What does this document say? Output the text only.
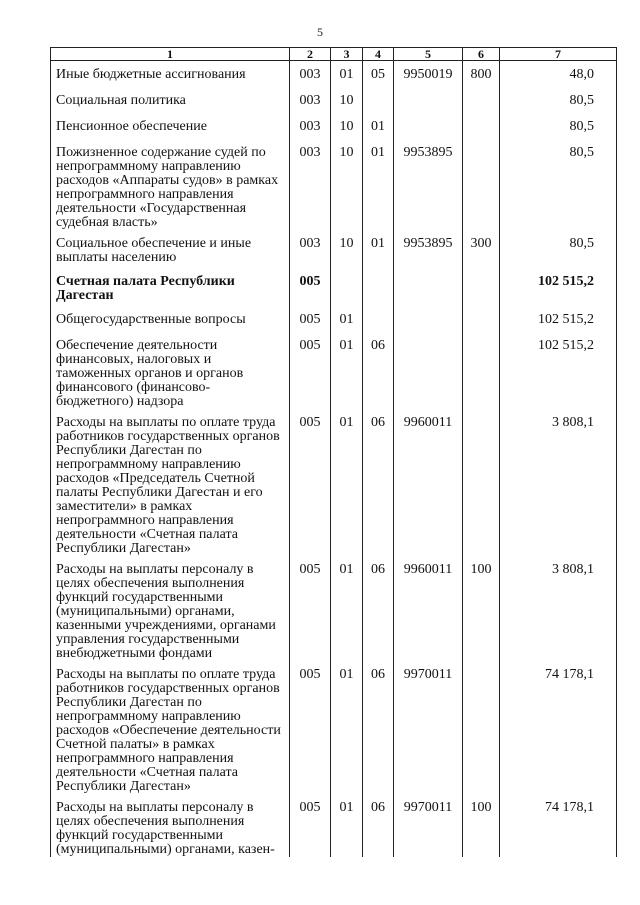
5
1	2	3	4	5	6	7
Иные бюджетные ассигнования	003	01	05	9950019	800	48,0
Социальная политика	003	10				80,5
Пенсионное обеспечение	003	10	01			80,5
Пожизненное содержание судей по непрограммному направлению расходов «Аппараты судов» в рамках непрограммного направления деятельности «Государственная судебная власть»	003	10	01	9953895		80,5
Социальное обеспечение и иные выплаты населению	003	10	01	9953895	300	80,5
Счетная палата Республики Дагестан	005					102 515,2
Общегосударственные вопросы	005	01				102 515,2
Обеспечение деятельности финансовых, налоговых и таможенных органов и органов финансового (финансово-бюджетного) надзора	005	01	06			102 515,2
Расходы на выплаты по оплате труда работников государственных органов Республики Дагестан по непрограммному направлению расходов «Председатель Счетной палаты Республики Дагестан и его заместители» в рамках непрограммного направления деятельности «Счетная палата Республики Дагестан»	005	01	06	9960011		3 808,1
Расходы на выплаты персоналу в целях обеспечения выполнения функций государственными (муниципальными) органами, казенными учреждениями, органами управления государственными внебюджетными фондами	005	01	06	9960011	100	3 808,1
Расходы на выплаты по оплате труда работников государственных органов Республики Дагестан по непрограммному направлению расходов «Обеспечение деятельности Счетной палаты» в рамках непрограммного направления деятельности «Счетная палата Республики Дагестан»	005	01	06	9970011		74 178,1
Расходы на выплаты персоналу в целях обеспечения выполнения функций государственными (муниципальными) органами, казен-	005	01	06	9970011	100	74 178,1
